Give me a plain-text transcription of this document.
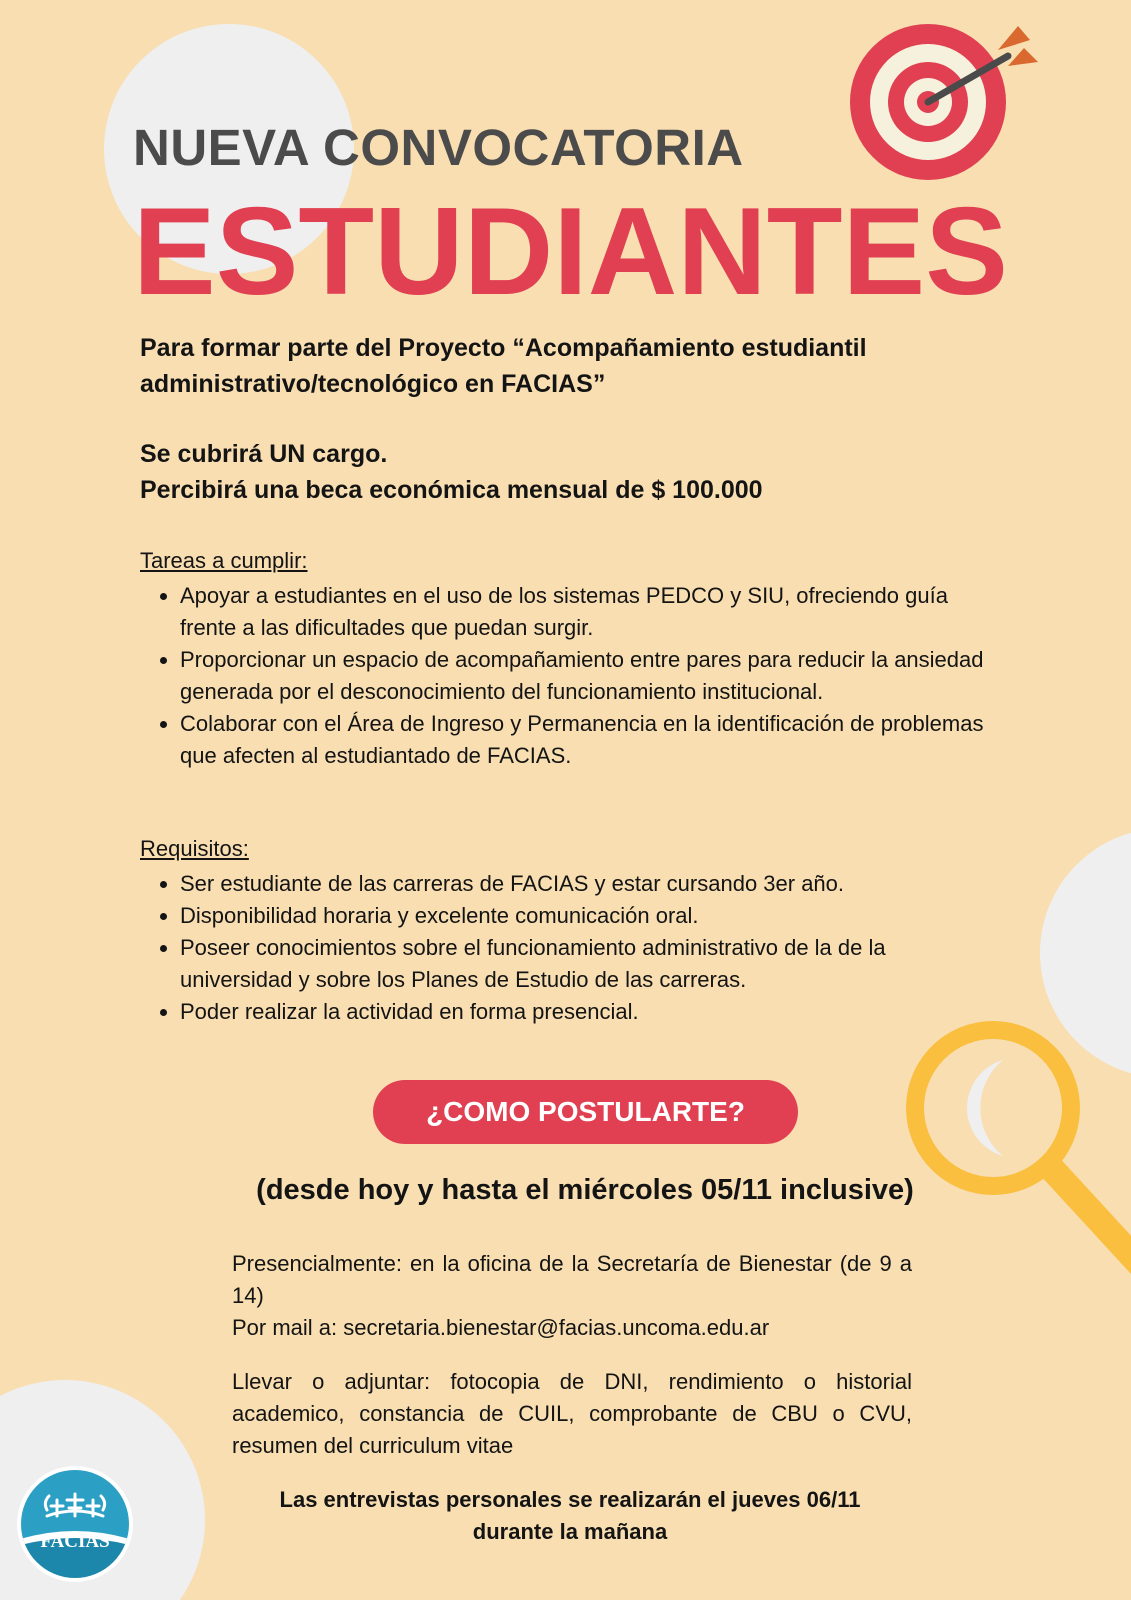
NUEVA CONVOCATORIA
ESTUDIANTES

Para formar parte del Proyecto “Acompañamiento estudiantil
administrativo/tecnológico en FACIAS”

Se cubrirá UN cargo.
Percibirá una beca económica mensual de $ 100.000

Tareas a cumplir:

• Apoyar a estudiantes en el uso de los sistemas PEDCO y SIU, ofreciendo guía frente a las dificultades que puedan surgir.
• Proporcionar un espacio de acompañamiento entre pares para reducir la ansiedad generada por el desconocimiento del funcionamiento institucional.
• Colaborar con el Área de Ingreso y Permanencia en la identificación de problemas que afecten al estudiantado de FACIAS.

Requisitos:

• Ser estudiante de las carreras de FACIAS y estar cursando 3er año.
• Disponibilidad horaria y excelente comunicación oral.
• Poseer conocimientos sobre el funcionamiento administrativo de la de la universidad y sobre los Planes de Estudio de las carreras.
• Poder realizar la actividad en forma presencial.
¿COMO POSTULARTE?

(desde hoy y hasta el miércoles 05/11 inclusive)

Presencialmente: en la oficina de la Secretaría de Bienestar (de 9 a 14)
Por mail a: secretaria.bienestar@facias.uncoma.edu.ar

Llevar o adjuntar: fotocopia de DNI, rendimiento o historial academico, constancia de CUIL, comprobante de CBU o CVU, resumen del curriculum vitae

Las entrevistas personales se realizarán el jueves 06/11
durante la mañana

FACIAS
